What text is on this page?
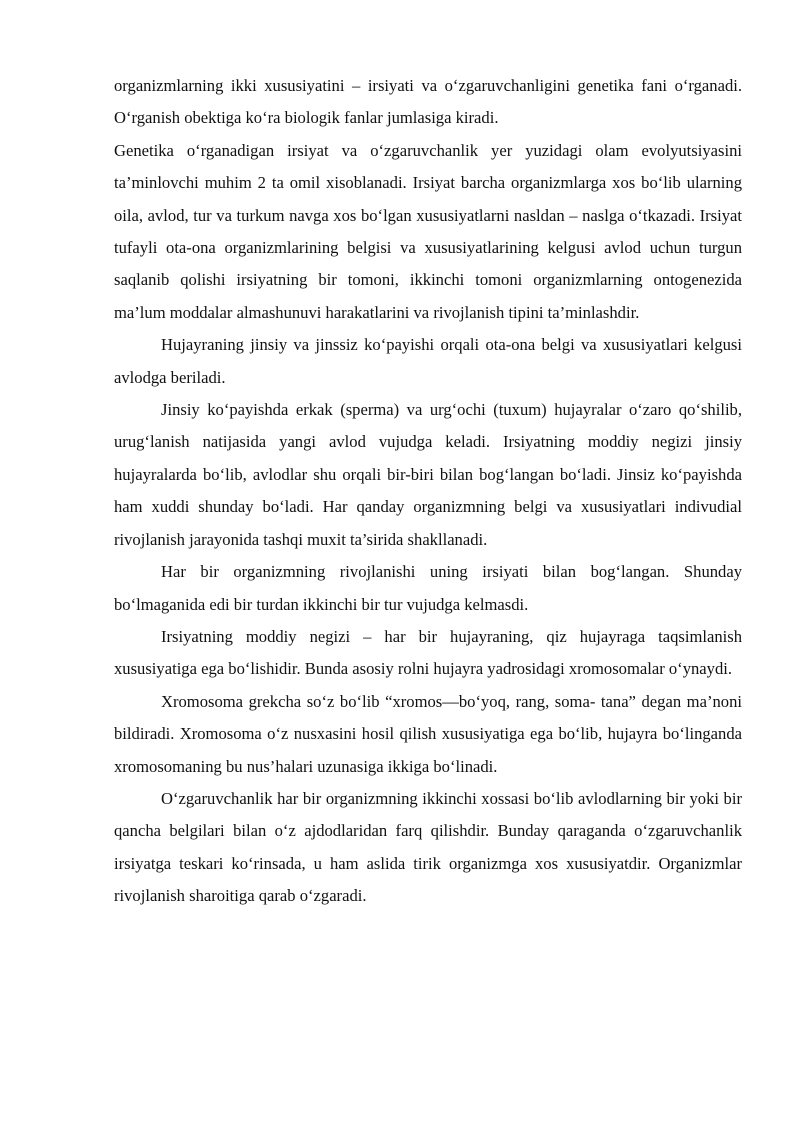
organizmlarning ikki xususiyatini – irsiyati va o‘zgaruvchanligini genetika fani o‘rganadi. O‘rganish obektiga ko‘ra biologik fanlar jumlasiga kiradi.

Genetika o‘rganadigan irsiyat va o‘zgaruvchanlik yer yuzidagi olam evolyutsiyasini ta’minlovchi muhim 2 ta omil xisoblanadi. Irsiyat barcha organizmlarga xos bo‘lib ularning oila, avlod, tur va turkum navga xos bo‘lgan xususiyatlarni nasldan – naslga o‘tkazadi. Irsiyat tufayli ota-ona organizmlarining belgisi va xususiyatlarining kelgusi avlod uchun turgun saqlanib qolishi irsiyatning bir tomoni, ikkinchi tomoni organizmlarning ontogenezida ma’lum moddalar almashunuvi harakatlarini va rivojlanish tipini ta’minlashdir.

Hujayraning jinsiy va jinssiz ko‘payishi orqali ota-ona belgi va xususiyatlari kelgusi avlodga beriladi.

Jinsiy ko‘payishda erkak (sperma) va urg‘ochi (tuxum) hujayralar o‘zaro qo‘shilib, urug‘lanish natijasida yangi avlod vujudga keladi. Irsiyatning moddiy negizi jinsiy hujayralarda bo‘lib, avlodlar shu orqali bir-biri bilan bog‘langan bo‘ladi. Jinsiz ko‘payishda ham xuddi shunday bo‘ladi. Har qanday organizmning belgi va xususiyatlari indivudial rivojlanish jarayonida tashqi muxit ta’sirida shakllanadi.

Har bir organizmning rivojlanishi uning irsiyati bilan bog‘langan. Shunday bo‘lmaganida edi bir turdan ikkinchi bir tur vujudga kelmasdi.

Irsiyatning moddiy negizi – har bir hujayraning, qiz hujayraga taqsimlanish xususiyatiga ega bo‘lishidir. Bunda asosiy rolni hujayra yadrosidagi xromosomalar o‘ynaydi.

Xromosoma grekcha so‘z bo‘lib “xromos—bo‘yoq, rang, soma- tana” degan ma’noni bildiradi. Xromosoma o‘z nusxasini hosil qilish xususiyatiga ega bo‘lib, hujayra bo‘linganda xromosomaning bu nus’halari uzunasiga ikkiga bo‘linadi.

O‘zgaruvchanlik har bir organizmning ikkinchi xossasi bo‘lib avlodlarning bir yoki bir qancha belgilari bilan o‘z ajdodlaridan farq qilishdir. Bunday qaraganda o‘zgaruvchanlik irsiyatga teskari ko‘rinsada, u ham aslida tirik organizmga xos xususiyatdir. Organizmlar rivojlanish sharoitiga qarab o‘zgaradi.
